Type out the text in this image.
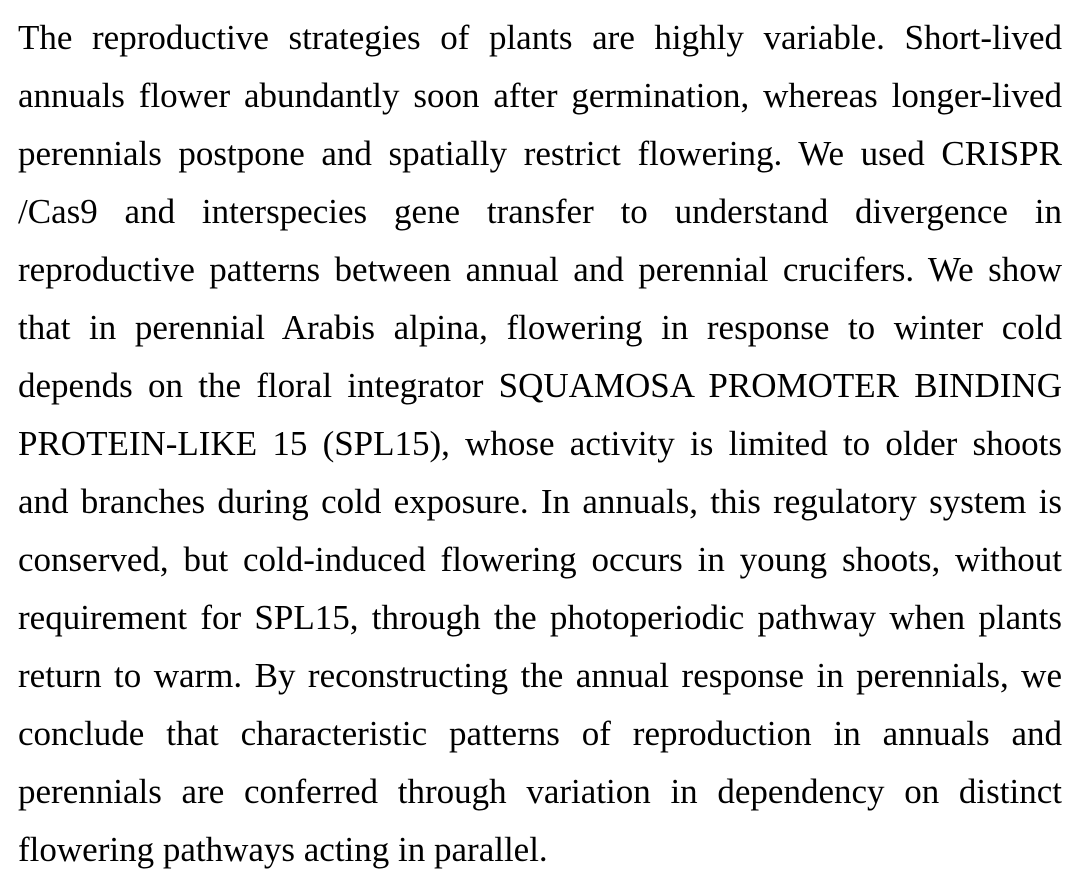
The reproductive strategies of plants are highly variable. Short-lived
annuals flower abundantly soon after germination, whereas longer-lived
perennials postpone and spatially restrict flowering. We used CRISPR
/Cas9 and interspecies gene transfer to understand divergence in
reproductive patterns between annual and perennial crucifers. We show
that in perennial Arabis alpina, flowering in response to winter cold
depends on the floral integrator SQUAMOSA PROMOTER BINDING
PROTEIN-LIKE 15 (SPL15), whose activity is limited to older shoots
and branches during cold exposure. In annuals, this regulatory system is
conserved, but cold-induced flowering occurs in young shoots, without
requirement for SPL15, through the photoperiodic pathway when plants
return to warm. By reconstructing the annual response in perennials, we
conclude that characteristic patterns of reproduction in annuals and
perennials are conferred through variation in dependency on distinct
flowering pathways acting in parallel.
